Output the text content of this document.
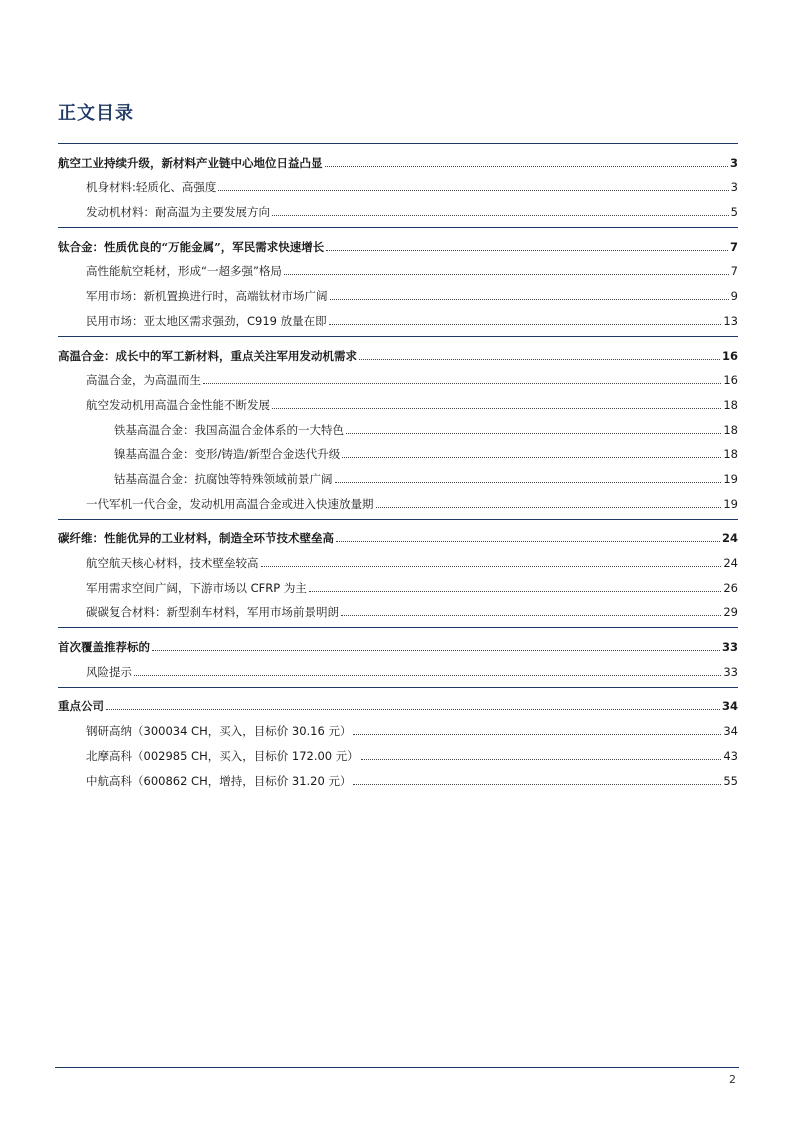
正文目录
航空工业持续升级，新材料产业链中心地位日益凸显	3
机身材料:轻质化、高强度	3
发动机材料：耐高温为主要发展方向	5
钛合金：性质优良的“万能金属”，军民需求快速增长	7
高性能航空耗材，形成“一超多强”格局	7
军用市场：新机置换进行时，高端钛材市场广阔	9
民用市场：亚太地区需求强劲，C919 放量在即	13
高温合金：成长中的军工新材料，重点关注军用发动机需求	16
高温合金，为高温而生	16
航空发动机用高温合金性能不断发展	18
铁基高温合金：我国高温合金体系的一大特色	18
镍基高温合金：变形/铸造/新型合金迭代升级	18
钴基高温合金：抗腐蚀等特殊领域前景广阔	19
一代军机一代合金，发动机用高温合金或进入快速放量期	19
碳纤维：性能优异的工业材料，制造全环节技术壁垒高	24
航空航天核心材料，技术壁垒较高	24
军用需求空间广阔，下游市场以 CFRP 为主	26
碳碳复合材料：新型刹车材料，军用市场前景明朗	29
首次覆盖推荐标的	33
风险提示	33
重点公司	34
钢研高纳（300034 CH，买入，目标价 30.16 元）	34
北摩高科（002985 CH，买入，目标价 172.00 元）	43
中航高科（600862 CH，增持，目标价 31.20 元）	55
2
